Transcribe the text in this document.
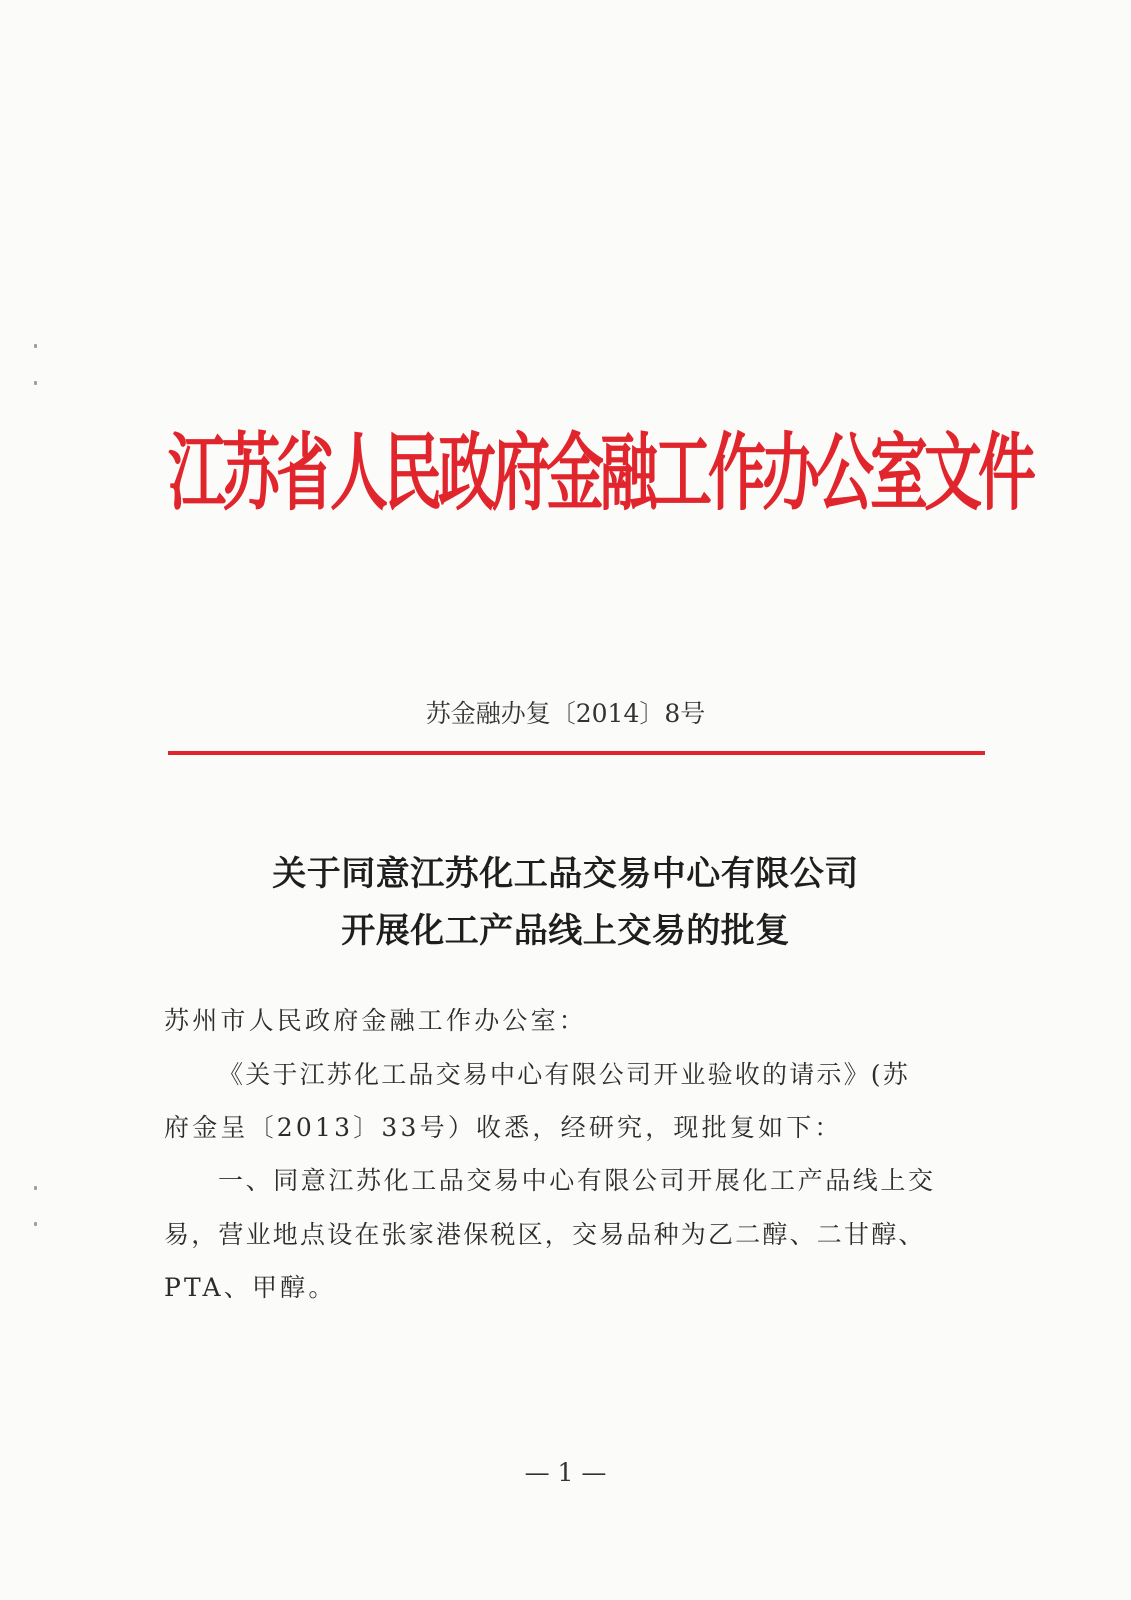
江苏省人民政府金融工作办公室文件
苏金融办复〔2014〕8号
关于同意江苏化工品交易中心有限公司
开展化工产品线上交易的批复
苏州市人民政府金融工作办公室：
《关于江苏化工品交易中心有限公司开业验收的请示》(苏
府金呈〔2013〕33号）收悉，经研究，现批复如下：
一、同意江苏化工品交易中心有限公司开展化工产品线上交
易，营业地点设在张家港保税区，交易品种为乙二醇、二甘醇、
PTA、甲醇。
— 1 —
